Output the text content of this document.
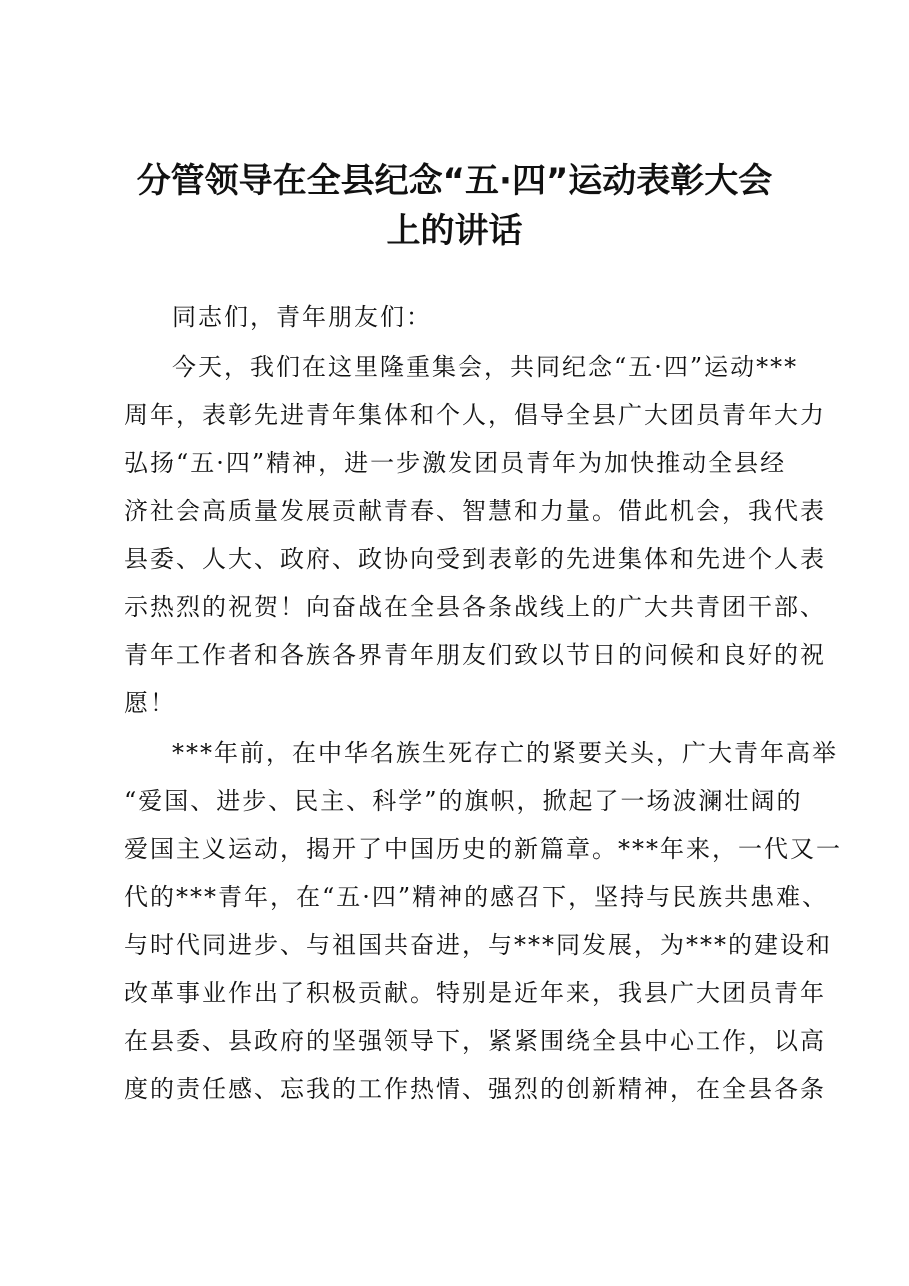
分管领导在全县纪念“五·四”运动表彰大会
上的讲话
同志们，青年朋友们：
今天，我们在这里隆重集会，共同纪念“五·四”运动***
周年，表彰先进青年集体和个人，倡导全县广大团员青年大力
弘扬“五·四”精神，进一步激发团员青年为加快推动全县经
济社会高质量发展贡献青春、智慧和力量。借此机会，我代表
县委、人大、政府、政协向受到表彰的先进集体和先进个人表
示热烈的祝贺！向奋战在全县各条战线上的广大共青团干部、
青年工作者和各族各界青年朋友们致以节日的问候和良好的祝
愿！
***年前，在中华名族生死存亡的紧要关头，广大青年高举
“爱国、进步、民主、科学”的旗帜，掀起了一场波澜壮阔的
爱国主义运动，揭开了中国历史的新篇章。***年来，一代又一
代的***青年，在“五·四”精神的感召下，坚持与民族共患难、
与时代同进步、与祖国共奋进，与***同发展，为***的建设和
改革事业作出了积极贡献。特别是近年来，我县广大团员青年
在县委、县政府的坚强领导下，紧紧围绕全县中心工作，以高
度的责任感、忘我的工作热情、强烈的创新精神，在全县各条
